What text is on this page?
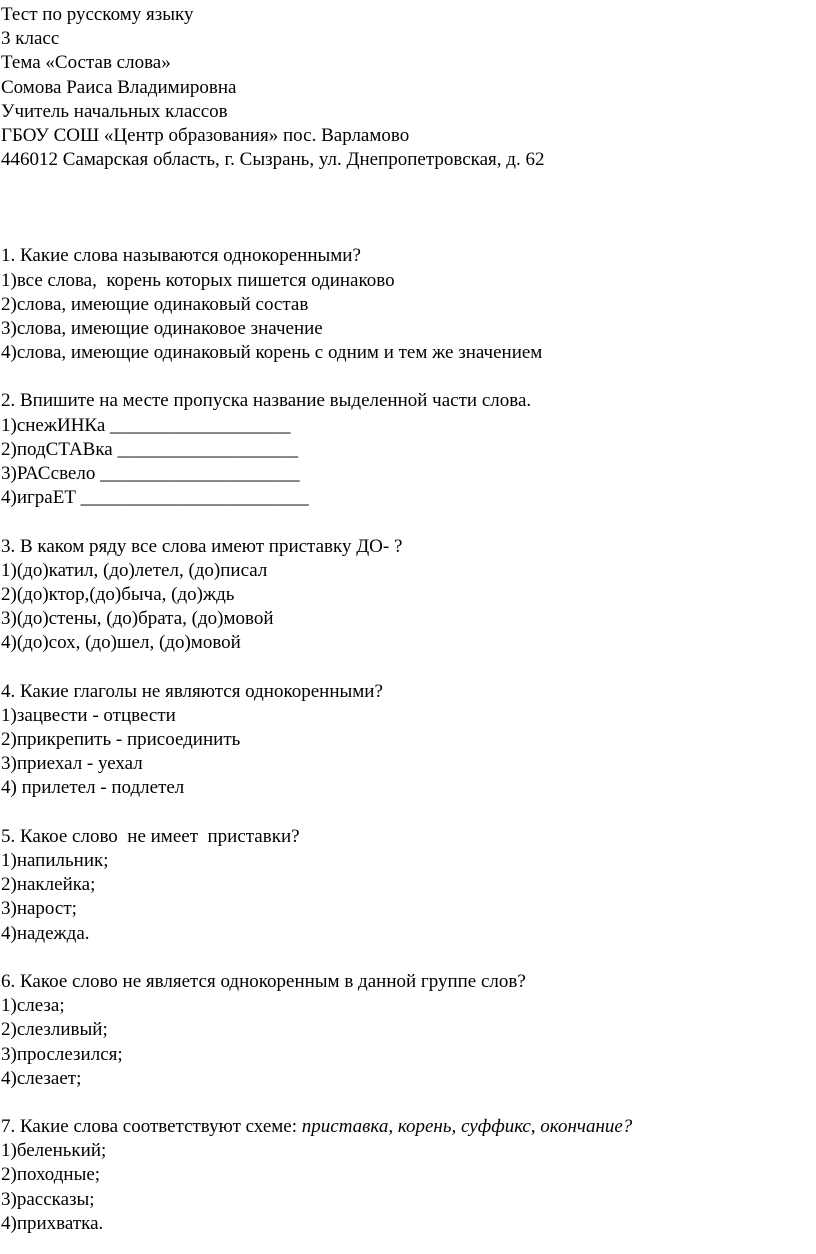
Тест по русскому языку
3 класс
Тема «Состав слова»
Сомова Раиса Владимировна
Учитель начальных классов
ГБОУ СОШ «Центр образования» пос. Варламово
446012 Самарская область, г. Сызрань, ул. Днепропетровская, д. 62
1. Какие слова называются однокоренными?
1)все слова,  корень которых пишется одинаково
2)слова, имеющие одинаковый состав
3)слова, имеющие одинаковое значение
4)слова, имеющие одинаковый корень с одним и тем же значением
2. Впишите на месте пропуска название выделенной части слова.
1)снежИНКа ___________________
2)подСТАВка ___________________
3)РАСсвело _____________________
4)играЕТ ________________________
3. В каком ряду все слова имеют приставку ДО- ?
1)(до)катил, (до)летел, (до)писал
2)(до)ктор,(до)быча, (до)ждь
3)(до)стены, (до)брата, (до)мовой
4)(до)сох, (до)шел, (до)мовой
4. Какие глаголы не являются однокоренными?
1)зацвести - отцвести
2)прикрепить - присоединить
3)приехал - уехал
4) прилетел - подлетел
5. Какое слово  не имеет  приставки?
1)напильник;
2)наклейка;
3)нарост;
4)надежда.
6. Какое слово не является однокоренным в данной группе слов?
1)слеза;
2)слезливый;
3)прослезился;
4)слезает;
7. Какие слова соответствуют схеме: приставка, корень, суффикс, окончание?
1)беленький;
2)походные;
3)рассказы;
4)прихватка.
